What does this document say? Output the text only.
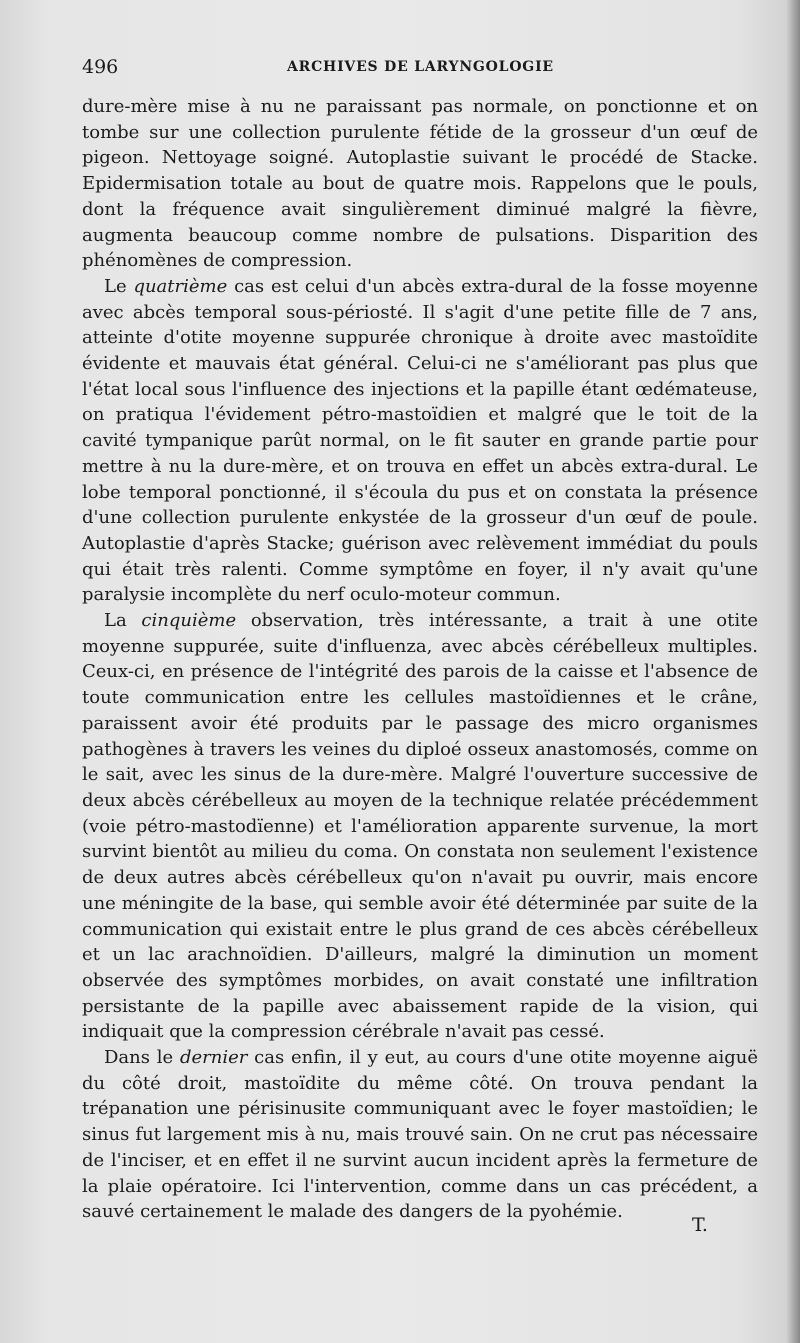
496	ARCHIVES DE LARYNGOLOGIE

dure-mère mise à nu ne paraissant pas normale, on ponctionne et on tombe sur une collection purulente fétide de la grosseur d'un œuf de pigeon. Nettoyage soigné. Autoplastie suivant le procédé de Stacke. Epidermisation totale au bout de quatre mois. Rappelons que le pouls, dont la fréquence avait singulièrement diminué malgré la fièvre, augmenta beaucoup comme nombre de pulsations. Disparition des phénomènes de compression.

Le quatrième cas est celui d'un abcès extra-dural de la fosse moyenne avec abcès temporal sous-périosté. Il s'agit d'une petite fille de 7 ans, atteinte d'otite moyenne suppurée chronique à droite avec mastoïdite évidente et mauvais état général. Celui-ci ne s'améliorant pas plus que l'état local sous l'influence des injections et la papille étant œdémateuse, on pratiqua l'évidement pétro-mastoïdien et malgré que le toit de la cavité tympanique parût normal, on le fit sauter en grande partie pour mettre à nu la dure-mère, et on trouva en effet un abcès extra-dural. Le lobe temporal ponctionné, il s'écoula du pus et on constata la présence d'une collection purulente enkystée de la grosseur d'un œuf de poule. Autoplastie d'après Stacke; guérison avec relèvement immédiat du pouls qui était très ralenti. Comme symptôme en foyer, il n'y avait qu'une paralysie incomplète du nerf oculo-moteur commun.

La cinquième observation, très intéressante, a trait à une otite moyenne suppurée, suite d'influenza, avec abcès cérébelleux multiples. Ceux-ci, en présence de l'intégrité des parois de la caisse et l'absence de toute communication entre les cellules mastoïdiennes et le crâne, paraissent avoir été produits par le passage des micro organismes pathogènes à travers les veines du diploé osseux anastomosés, comme on le sait, avec les sinus de la dure-mère. Malgré l'ouverture successive de deux abcès cérébelleux au moyen de la technique relatée précédemment (voie pétro-mastodïenne) et l'amélioration apparente survenue, la mort survint bientôt au milieu du coma. On constata non seulement l'existence de deux autres abcès cérébelleux qu'on n'avait pu ouvrir, mais encore une méningite de la base, qui semble avoir été déterminée par suite de la communication qui existait entre le plus grand de ces abcès cérébelleux et un lac arachnoïdien. D'ailleurs, malgré la diminution un moment observée des symptômes morbides, on avait constaté une infiltration persistante de la papille avec abaissement rapide de la vision, qui indiquait que la compression cérébrale n'avait pas cessé.

Dans le dernier cas enfin, il y eut, au cours d'une otite moyenne aiguë du côté droit, mastoïdite du même côté. On trouva pendant la trépanation une périsinusite communiquant avec le foyer mastoïdien; le sinus fut largement mis à nu, mais trouvé sain. On ne crut pas nécessaire de l'inciser, et en effet il ne survint aucun incident après la fermeture de la plaie opératoire. Ici l'intervention, comme dans un cas précédent, a sauvé certainement le malade des dangers de la pyohémie.

T.
